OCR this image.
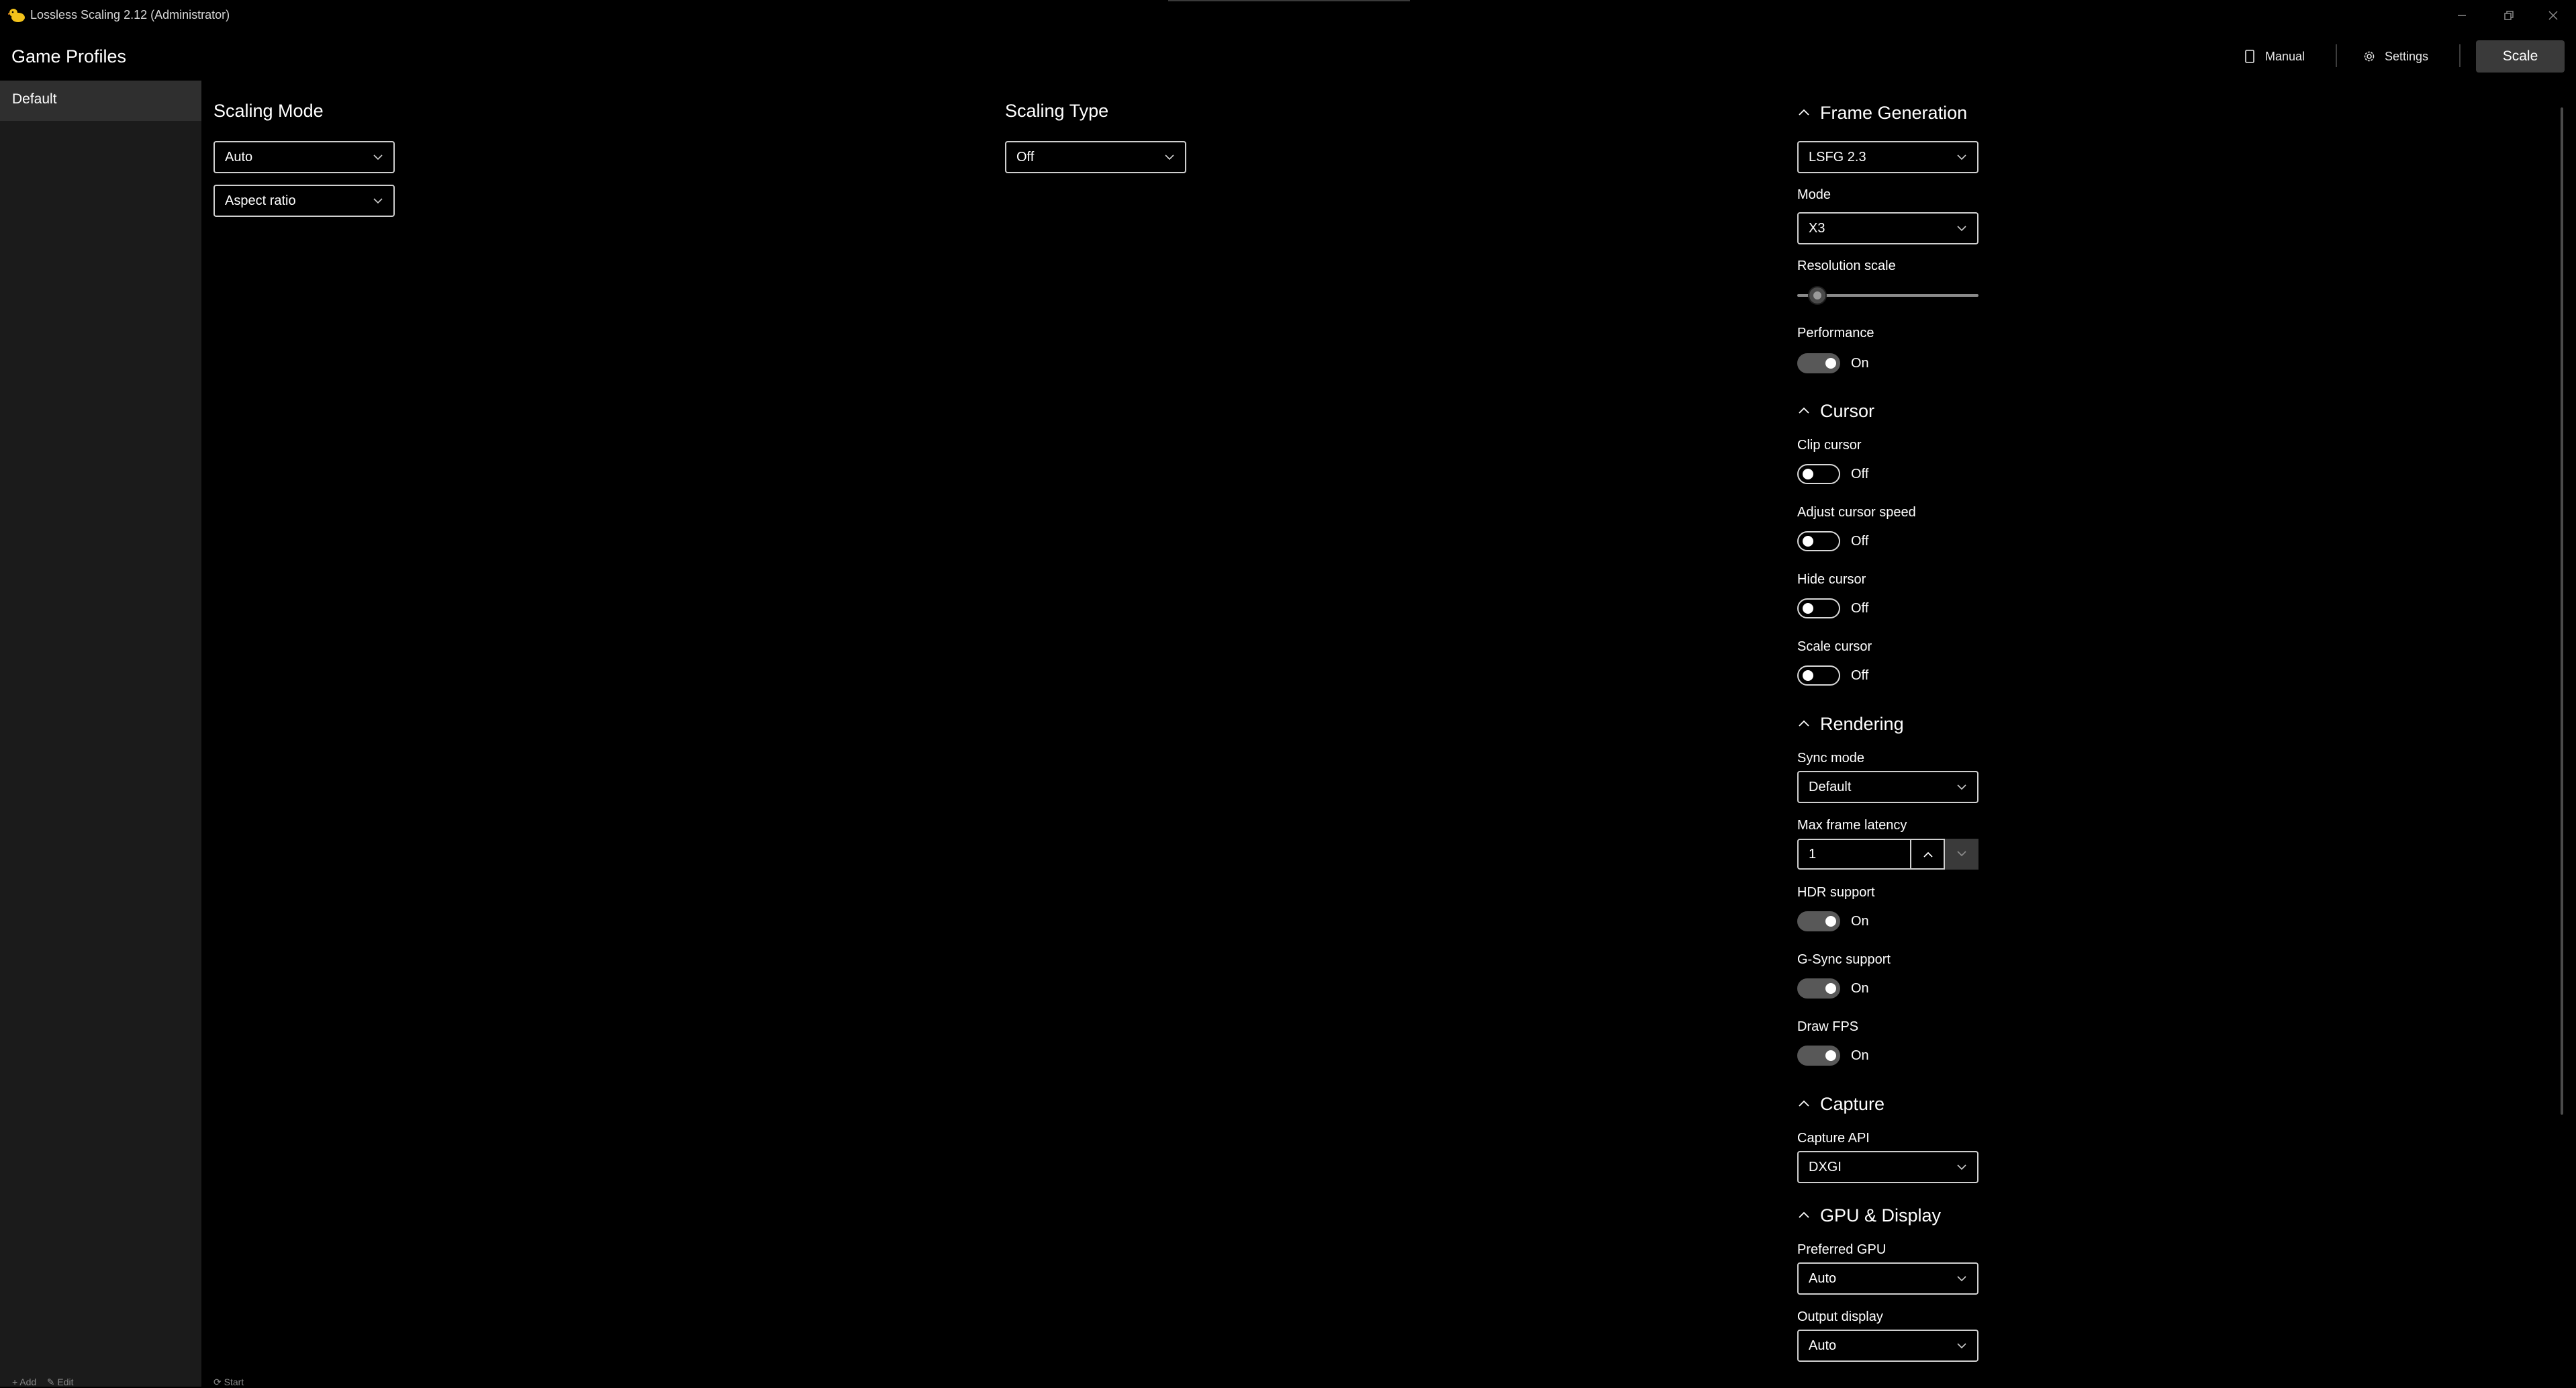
Lossless Scaling 2.12 (Administrator)
Game Profiles	Manual	Settings	Scale
Default
+ Add    ✎ Edit	⟳ Start
Scaling Mode
Auto
Aspect ratio
Scaling Type
Off
Frame Generation
LSFG 2.3
Mode
X3
Resolution scale
Performance
On
Cursor
Clip cursor
Off
Adjust cursor speed
Off
Hide cursor
Off
Scale cursor
Off
Rendering
Sync mode
Default
Max frame latency
1
HDR support
On
G-Sync support
On
Draw FPS
On
Capture
Capture API
DXGI
GPU & Display
Preferred GPU
Auto
Output display
Auto
